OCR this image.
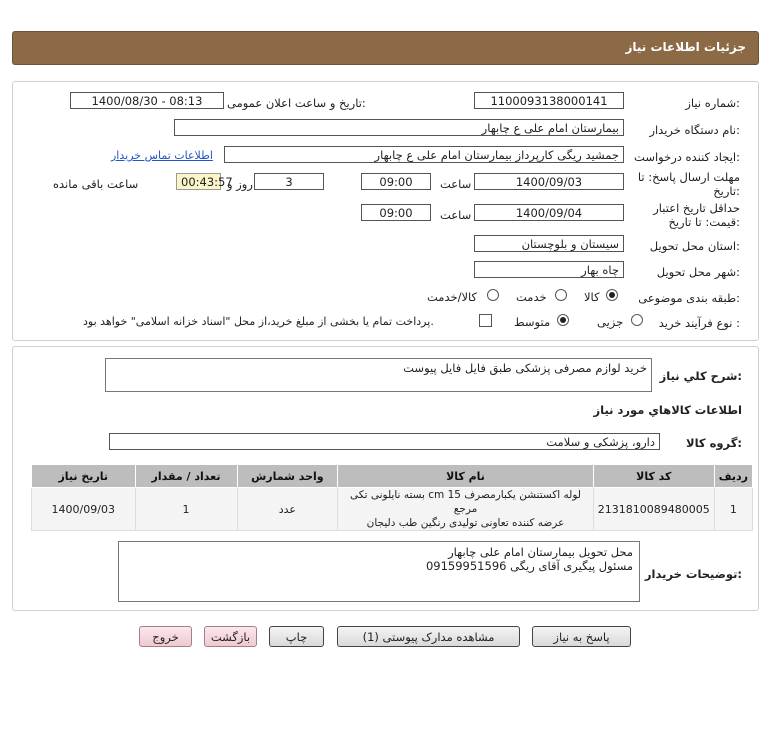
جزئیات اطلاعات نیاز
شماره نیاز:
1100093138000141
تاریخ و ساعت اعلان عمومی:
1400/08/30 - 08:13
نام دستگاه خریدار:
بیمارستان امام علی ع چابهار
ایجاد کننده درخواست:
جمشید ریگی کارپرداز بیمارستان امام علی ع چابهار
اطلاعات تماس خریدار
مهلت ارسال پاسخ: تا
تاریخ:
1400/09/03
ساعت
09:00
3
روز و
00:43:57
ساعت باقی مانده
حداقل تاریخ اعتبار
قیمت: تا تاریخ:
1400/09/04
ساعت
09:00
استان محل تحویل:
سیستان و بلوچستان
شهر محل تحویل:
چاه بهار
طبقه بندی موضوعی:
کالا
خدمت
کالا/خدمت
نوع فرآیند خرید :
جزیی
متوسط
پرداخت تمام یا بخشی از مبلغ خرید،از محل "اسناد خزانه اسلامی" خواهد بود.
شرح کلي نياز:
خرید لوازم مصرفی پزشکی طبق فایل فایل پیوست
اطلاعات کالاهاي مورد نياز
گروه کالا:
دارو، پزشکی و سلامت
ردیف	کد کالا	نام کالا	واحد شمارش	تعداد / مقدار	تاریخ نیاز
1	2131810089480005	لوله اکستنشن یکبارمصرف cm 15 بسته نایلونی تکی مرجع
عرضه کننده تعاونی تولیدی رنگین طب دلیجان	عدد	1	1400/09/03
توضیحات خریدار:
محل تحویل بیمارستان امام علی چابهار
مسئول پیگیری آقای ریگی 09159951596
پاسخ به نیاز
مشاهده مدارک پیوستی (1)
چاپ
بازگشت
خروج
